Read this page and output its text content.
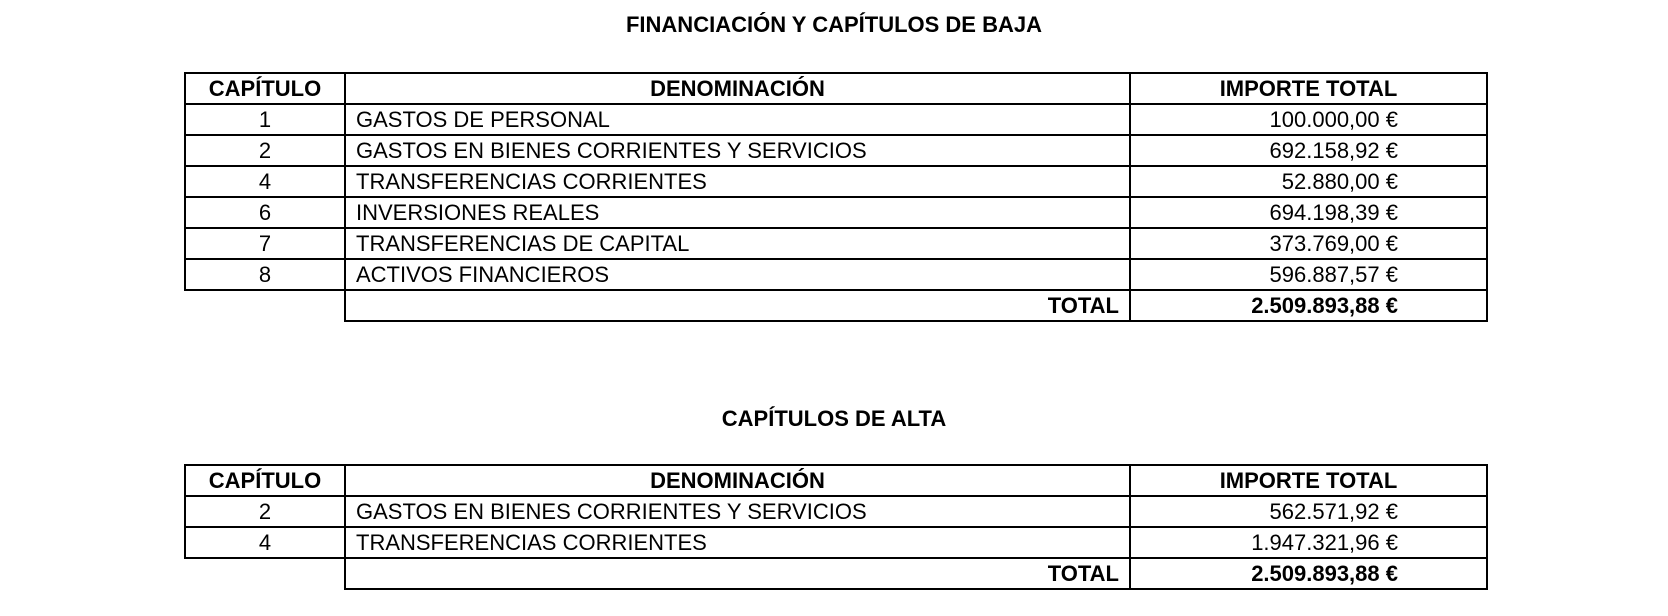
FINANCIACIÓN Y CAPÍTULOS DE BAJA
CAPÍTULO	DENOMINACIÓN	IMPORTE TOTAL
1	GASTOS DE PERSONAL	100.000,00 €
2	GASTOS EN BIENES CORRIENTES Y SERVICIOS	692.158,92 €
4	TRANSFERENCIAS CORRIENTES	52.880,00 €
6	INVERSIONES REALES	694.198,39 €
7	TRANSFERENCIAS DE CAPITAL	373.769,00 €
8	ACTIVOS FINANCIEROS	596.887,57 €
	TOTAL	2.509.893,88 €
CAPÍTULOS DE ALTA
CAPÍTULO	DENOMINACIÓN	IMPORTE TOTAL
2	GASTOS EN BIENES CORRIENTES Y SERVICIOS	562.571,92 €
4	TRANSFERENCIAS CORRIENTES	1.947.321,96 €
	TOTAL	2.509.893,88 €
